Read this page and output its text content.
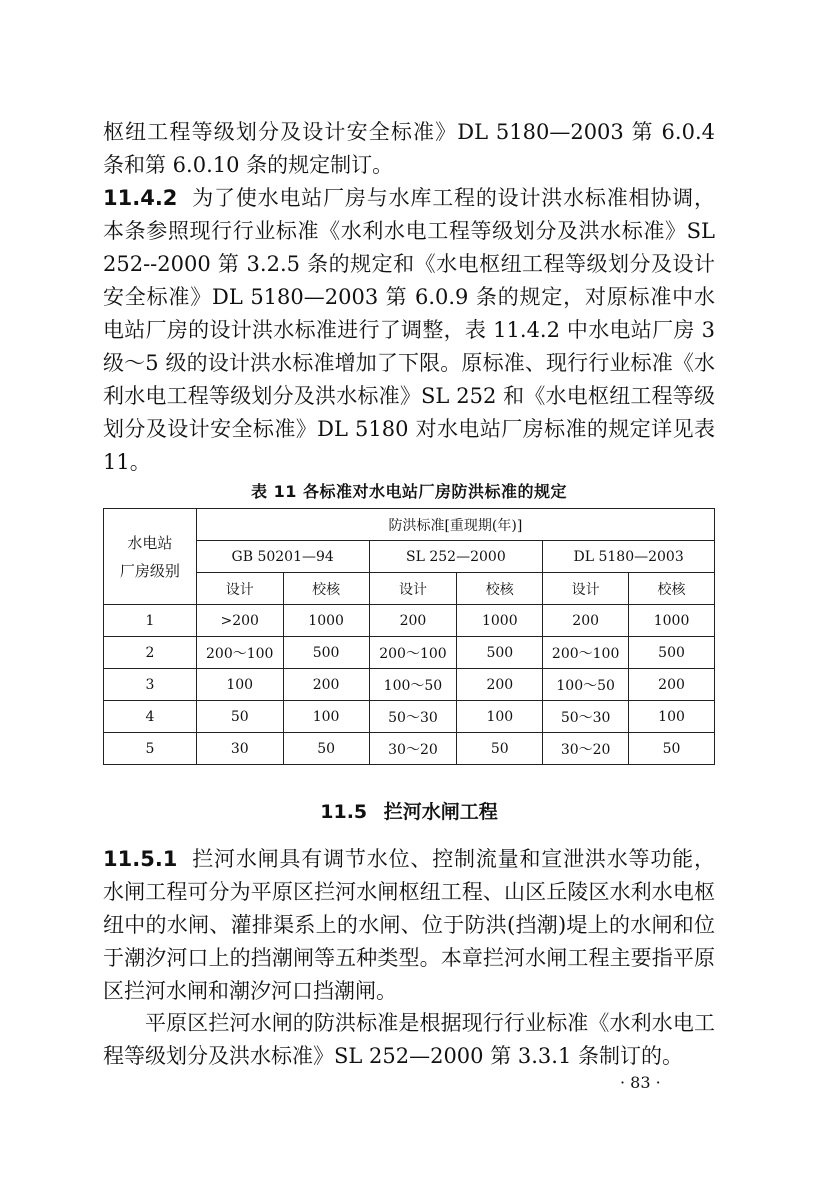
枢纽工程等级划分及设计安全标准》DL 5180—2003 第 6.0.4 条和第 6.0.10 条的规定制订。

11.4.2 为了使水电站厂房与水库工程的设计洪水标准相协调，本条参照现行行业标准《水利水电工程等级划分及洪水标准》SL 252--2000 第 3.2.5 条的规定和《水电枢纽工程等级划分及设计安全标准》DL 5180—2003 第 6.0.9 条的规定，对原标准中水电站厂房的设计洪水标准进行了调整，表 11.4.2 中水电站厂房 3 级～5 级的设计洪水标准增加了下限。原标准、现行行业标准《水利水电工程等级划分及洪水标准》SL 252 和《水电枢纽工程等级划分及设计安全标准》DL 5180 对水电站厂房标准的规定详见表 11。

表 11 各标准对水电站厂房防洪标准的规定

水电站
厂房级别	防洪标准[重现期(年)]					
	GB 50201—94		SL 252—2000		DL 5180—2003	
	设计	校核	设计	校核	设计	校核
1	>200	1000	200	1000	200	1000
2	200～100	500	200～100	500	200～100	500
3	100	200	100～50	200	100～50	200
4	50	100	50～30	100	50～30	100
5	30	50	30～20	50	30～20	50

11.5 拦河水闸工程

11.5.1 拦河水闸具有调节水位、控制流量和宣泄洪水等功能，水闸工程可分为平原区拦河水闸枢纽工程、山区丘陵区水利水电枢纽中的水闸、灌排渠系上的水闸、位于防洪(挡潮)堤上的水闸和位于潮汐河口上的挡潮闸等五种类型。本章拦河水闸工程主要指平原区拦河水闸和潮汐河口挡潮闸。

平原区拦河水闸的防洪标准是根据现行行业标准《水利水电工程等级划分及洪水标准》SL 252—2000 第 3.3.1 条制订的。

· 83 ·
